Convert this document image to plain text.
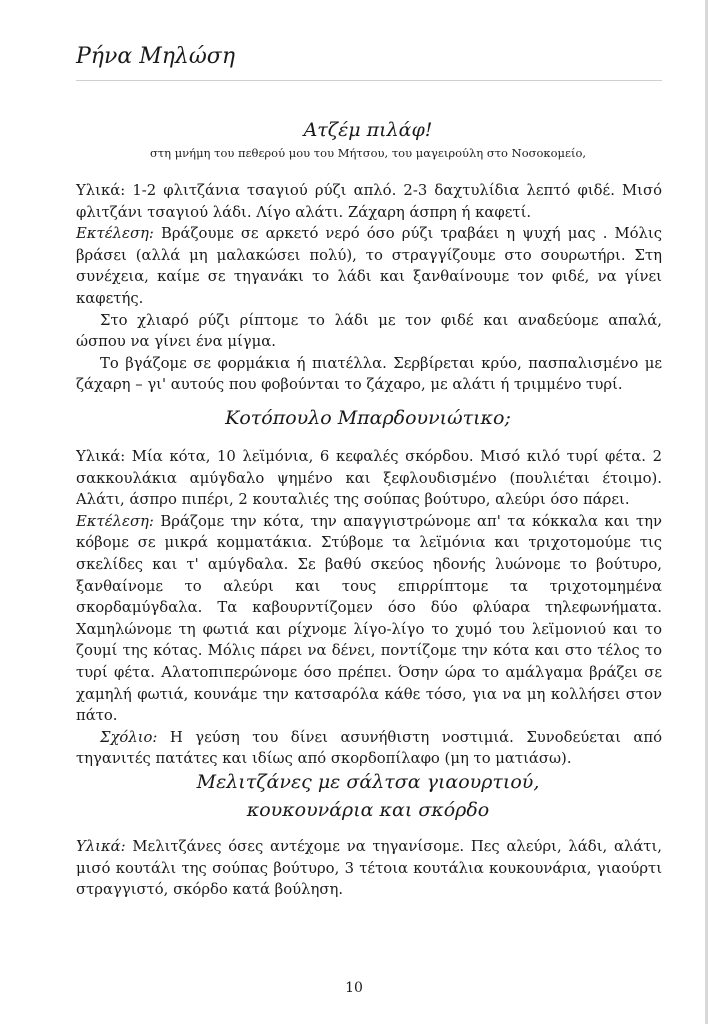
Ρήνα Μηλώση
Ατζέμ πιλάφ!
στη μνήμη του πεθερού μου του Μήτσου, του μαγειρούλη στο Νοσοκομείο,

Υλικά: 1-2 φλιτζάνια τσαγιού ρύζι απλό. 2-3 δαχτυλίδια λεπτό φιδέ. Μισό φλιτζάνι τσαγιού λάδι. Λίγο αλάτι. Ζάχαρη άσπρη ή καφετί.

Εκτέλεση: Βράζουμε σε αρκετό νερό όσο ρύζι τραβάει η ψυχή μας . Μόλις βράσει (αλλά μη μαλακώσει πολύ), το στραγγίζουμε στο σουρωτήρι. Στη συνέχεια, καίμε σε τηγανάκι το λάδι και ξανθαίνουμε τον φιδέ, να γίνει καφετής.

Στο χλιαρό ρύζι ρίπτομε το λάδι με τον φιδέ και αναδεύομε απαλά, ώσπου να γίνει ένα μίγμα.

Το βγάζομε σε φορμάκια ή πιατέλλα. Σερβίρεται κρύο, πασπαλισμένο με ζάχαρη – γι' αυτούς που φοβούνται το ζάχαρο, με αλάτι ή τριμμένο τυρί.

Κοτόπουλο Μπαρδουνιώτικο;

Υλικά: Μία κότα, 10 λεϊμόνια, 6 κεφαλές σκόρδου. Μισό κιλό τυρί φέτα. 2 σακκουλάκια αμύγδαλο ψημένο και ξεφλουδισμένο (πουλιέται έτοιμο). Αλάτι, άσπρο πιπέρι, 2 κουταλιές της σούπας βούτυρο, αλεύρι όσο πάρει.

Εκτέλεση: Βράζομε την κότα, την απαγγιστρώνομε απ' τα κόκκαλα και την κόβομε σε μικρά κομματάκια. Στύβομε τα λεϊμόνια και τριχοτομούμε τις σκελίδες και τ' αμύγδαλα. Σε βαθύ σκεύος ηδονής λυώνομε το βούτυρο, ξανθαίνομε το αλεύρι και τους επιρρίπτομε τα τριχοτομημένα σκορδαμύγδαλα. Τα καβουρντίζομεν όσο δύο φλύαρα τηλεφωνήματα. Χαμηλώνομε τη φωτιά και ρίχνομε λίγο-λίγο το χυμό του λεϊμονιού και το ζουμί της κότας. Μόλις πάρει να δένει, ποντίζομε την κότα και στο τέλος το τυρί φέτα. Αλατοπιπερώνομε όσο πρέπει. Όσην ώρα το αμάλγαμα βράζει σε χαμηλή φωτιά, κουνάμε την κατσαρόλα κάθε τόσο, για να μη κολλήσει στον πάτο.

Σχόλιο: Η γεύση του δίνει ασυνήθιστη νοστιμιά. Συνοδεύεται από τηγανιτές πατάτες και ιδίως από σκορδοπίλαφο (μη το ματιάσω).

Μελιτζάνες με σάλτσα γιαουρτιού,
κουκουνάρια και σκόρδο

Υλικά: Μελιτζάνες όσες αντέχομε να τηγανίσομε. Πες αλεύρι, λάδι, αλάτι, μισό κουτάλι της σούπας βούτυρο, 3 τέτοια κουτάλια κουκουνάρια, γιαούρτι στραγγιστό, σκόρδο κατά βούληση.

10
